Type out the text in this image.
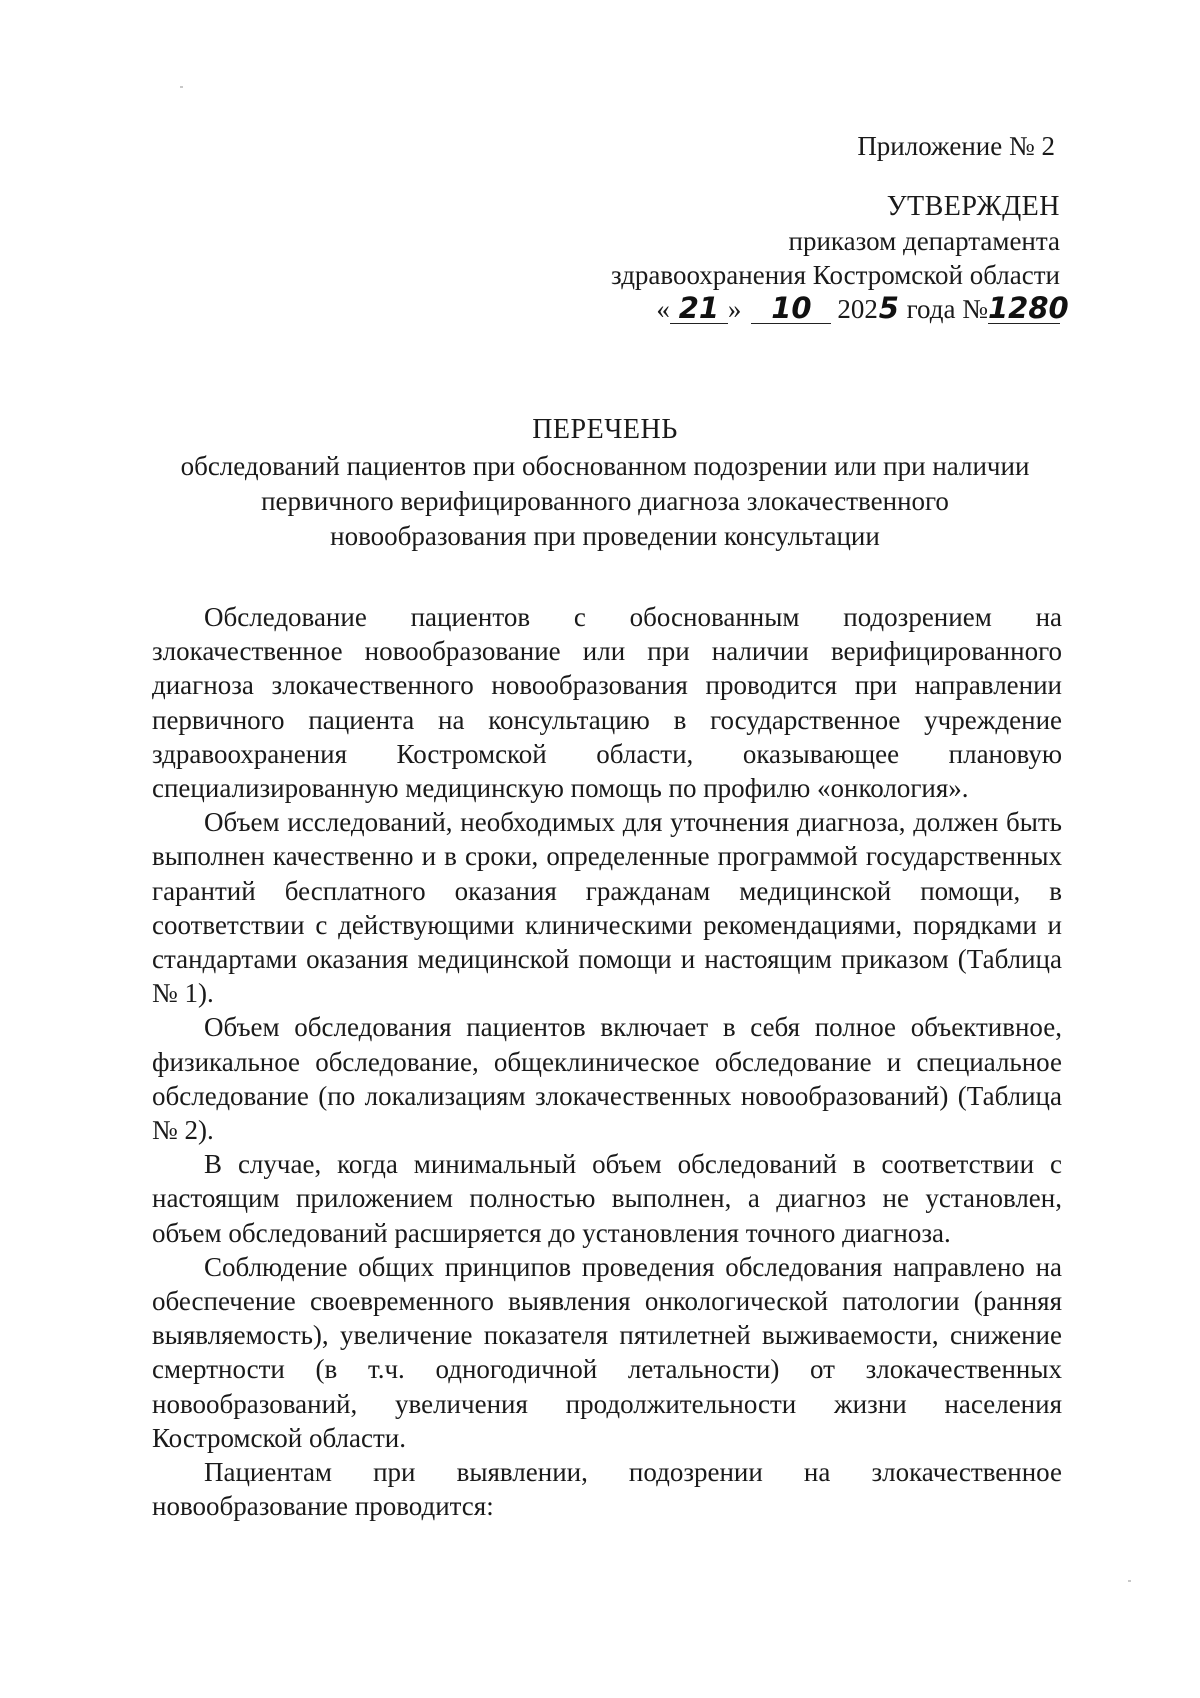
Приложение № 2
УТВЕРЖДЕН
приказом департамента
здравоохранения Костромской области
« 21 » 10 2025 года №1280
ПЕРЕЧЕНЬ
обследований пациентов при обоснованном подозрении или при наличии
первичного верифицированного диагноза злокачественного
новообразования при проведении консультации

Обследование пациентов с обоснованным подозрением на злокачественное новообразование или при наличии верифицированного диагноза злокачественного новообразования проводится при направлении первичного пациента на консультацию в государственное учреждение здравоохранения Костромской области, оказывающее плановую специализированную медицинскую помощь по профилю «онкология».

Объем исследований, необходимых для уточнения диагноза, должен быть выполнен качественно и в сроки, определенные программой государственных гарантий бесплатного оказания гражданам медицинской помощи, в соответствии с действующими клиническими рекомендациями, порядками и стандартами оказания медицинской помощи и настоящим приказом (Таблица № 1).

Объем обследования пациентов включает в себя полное объективное, физикальное обследование, общеклиническое обследование и специальное обследование (по локализациям злокачественных новообразований) (Таблица № 2).

В случае, когда минимальный объем обследований в соответствии с настоящим приложением полностью выполнен, а диагноз не установлен, объем обследований расширяется до установления точного диагноза.

Соблюдение общих принципов проведения обследования направлено на обеспечение своевременного выявления онкологической патологии (ранняя выявляемость), увеличение показателя пятилетней выживаемости, снижение смертности (в т.ч. одногодичной летальности) от злокачественных новообразований, увеличения продолжительности жизни населения Костромской области.

Пациентам при выявлении, подозрении на злокачественное новообразование проводится:
